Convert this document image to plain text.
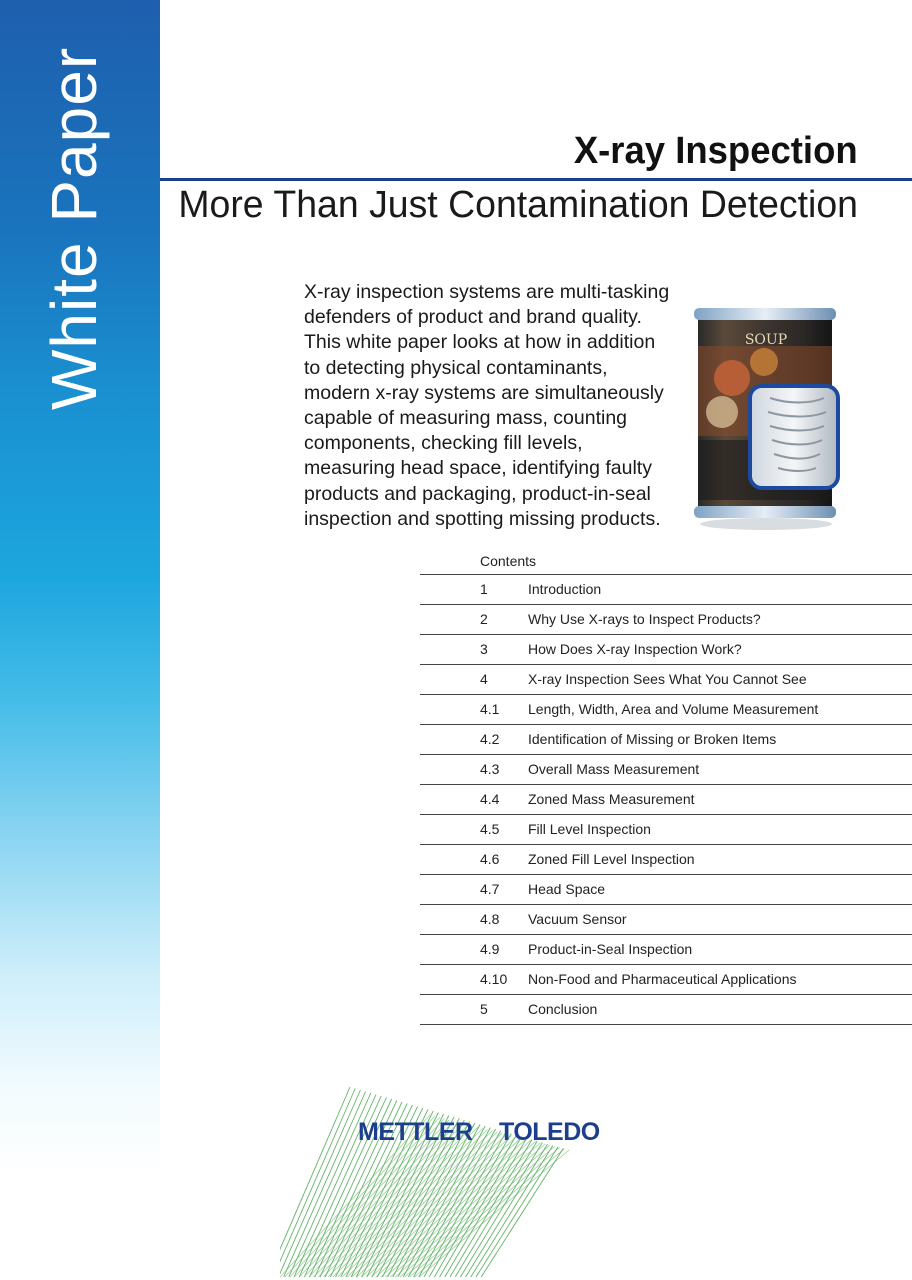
White Paper	X-ray Inspection
More Than Just Contamination Detection
X-ray inspection systems are multi-tasking
defenders of product and brand quality.
This white paper looks at how in addition
to detecting physical contaminants,
modern x-ray systems are simultaneously
capable of measuring mass, counting
components, checking fill levels,
measuring head space, identifying faulty
products and packaging, product-in-seal
inspection and spotting missing products.
SOUP
Contents
1	Introduction
2	Why Use X-rays to Inspect Products?
3	How Does X-ray Inspection Work?
4	X-ray Inspection Sees What You Cannot See
4.1 Length, Width, Area and Volume Measurement
4.2 Identification of Missing or Broken Items
4.3 Overall Mass Measurement
4.4 Zoned Mass Measurement
4.5 Fill Level Inspection
4.6 Zoned Fill Level Inspection
4.7 Head Space
4.8 Vacuum Sensor
4.9 Product-in-Seal Inspection
4.10 Non-Food and Pharmaceutical Applications
5	Conclusion
METTLER TOLEDO
